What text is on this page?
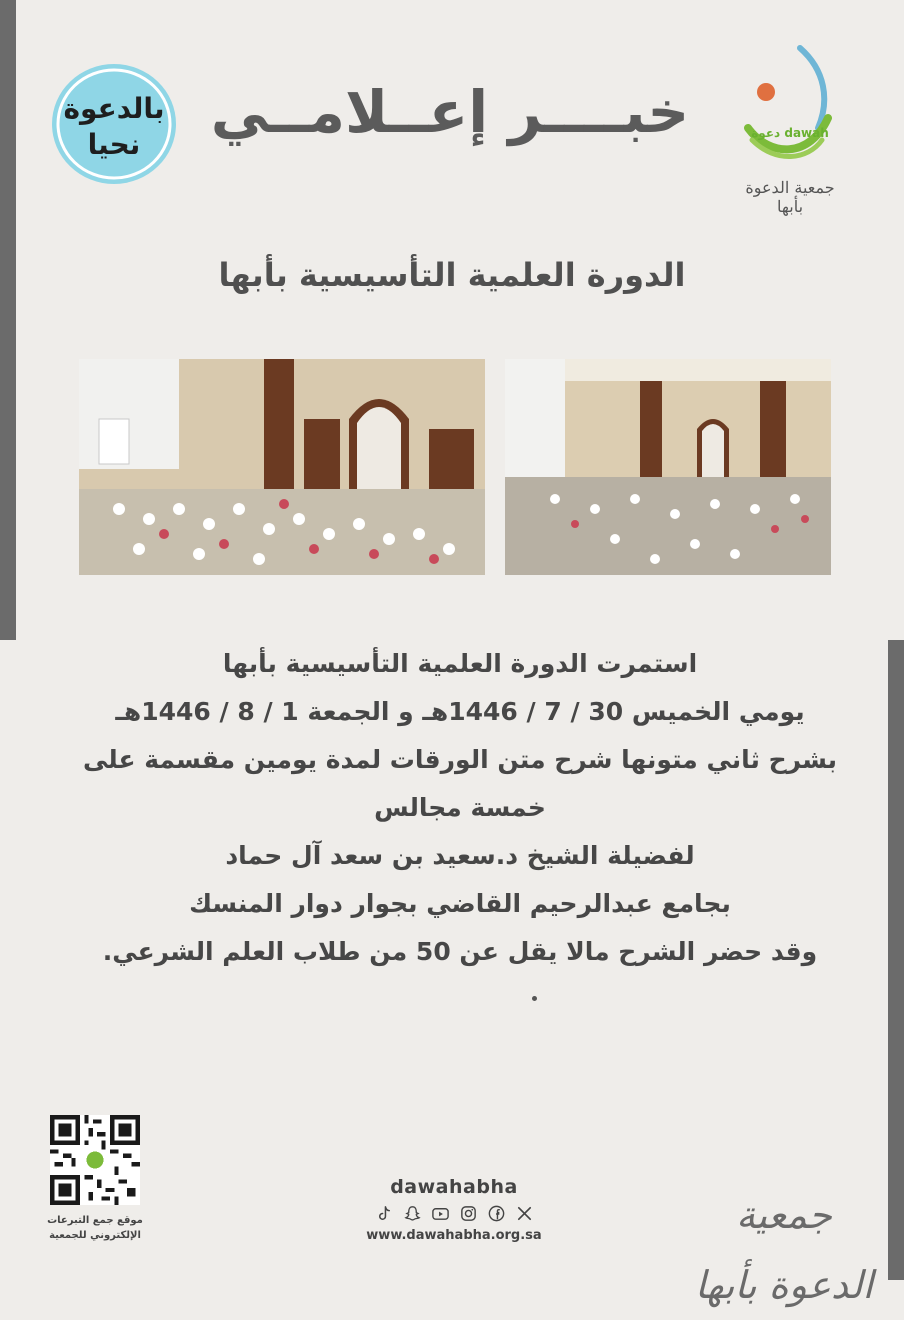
بالدعوة
نحيا خبــــر إعــلامــي	دعوة dawah
جمعية الدعوة بأبها
الدورة العلمية التأسيسية بأبها

استمرت الدورة العلمية التأسيسية بأبها

يومي الخميس 30 / 7 / 1446هـ و الجمعة 1 / 8 / 1446هـ

بشرح ثاني متونها شرح متن الورقات لمدة يومين مقسمة على خمسة مجالس

لفضيلة الشيخ د.سعيد بن سعد آل حماد

بجامع عبدالرحيم القاضي بجوار دوار المنسك

وقد حضر الشرح مالا يقل عن 50 من طلاب العلم الشرعي.

موقع جمع التبرعات
الإلكتروني للجمعية
dawahabha
www.dawahabha.org.sa	جمعية الدعوة بأبها
